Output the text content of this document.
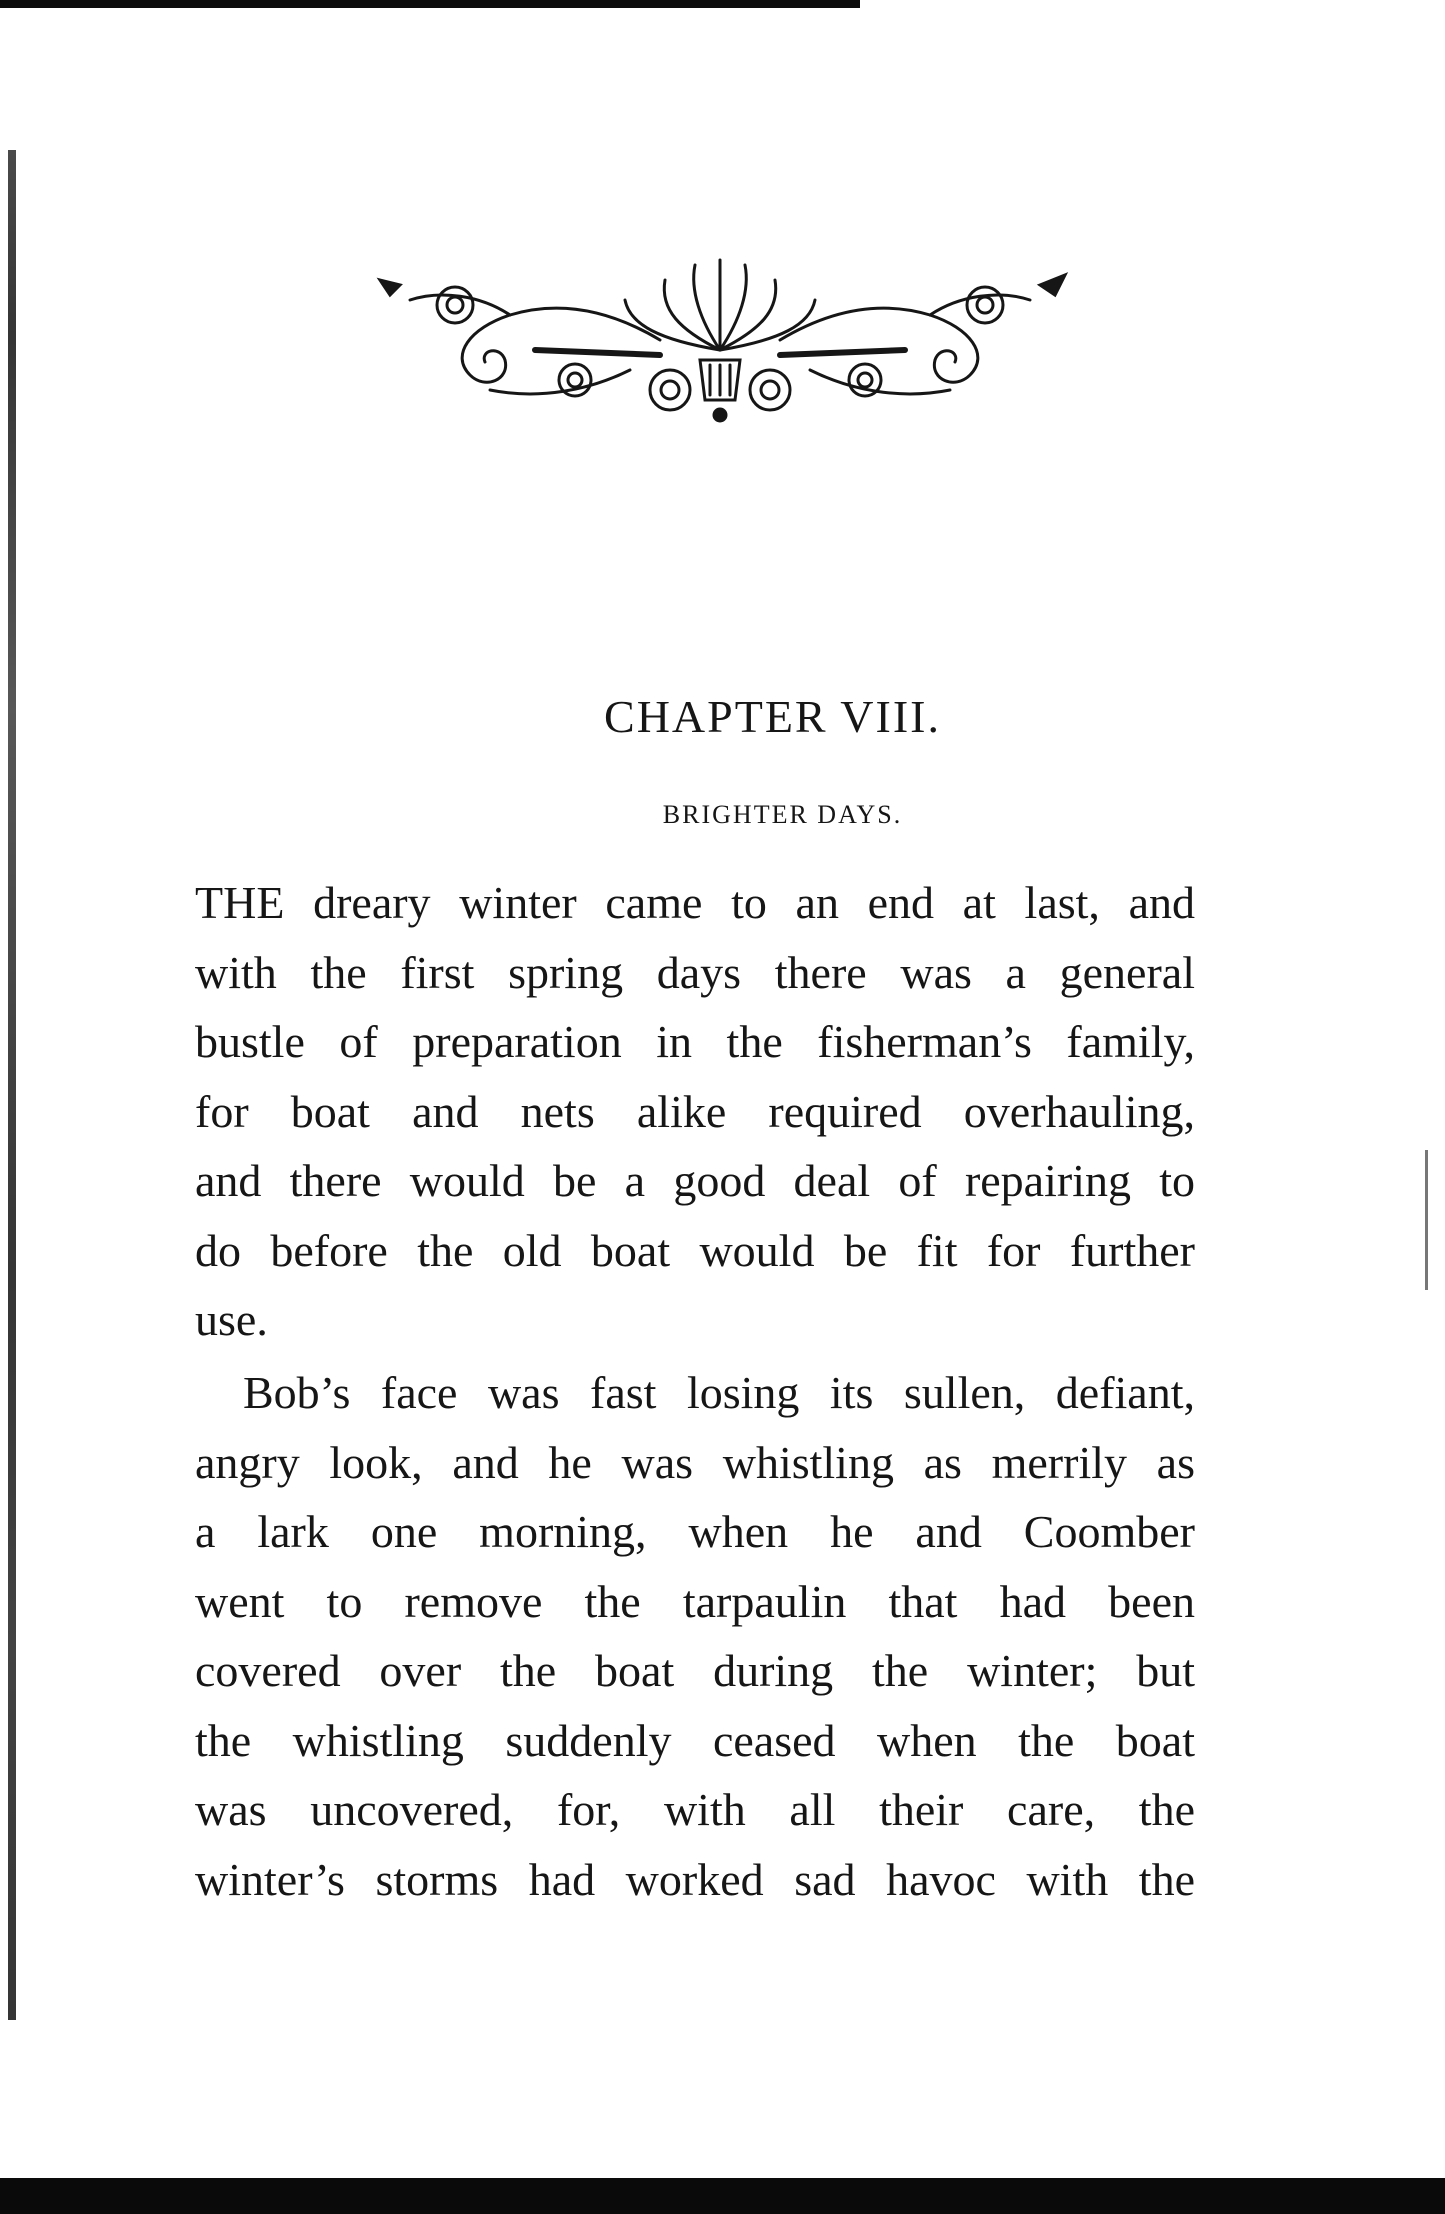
CHAPTER VIII.
BRIGHTER DAYS.
THE dreary winter came to an end at last, and
with the first spring days there was a general
bustle of preparation in the fisherman’s family,
for boat and nets alike required overhauling,
and there would be a good deal of repairing to
do before the old boat would be fit for further
use.
Bob’s face was fast losing its sullen, defiant,
angry look, and he was whistling as merrily as
a lark one morning, when he and Coomber
went to remove the tarpaulin that had been
covered over the boat during the winter; but
the whistling suddenly ceased when the boat
was uncovered, for, with all their care, the
winter’s storms had worked sad havoc with the
